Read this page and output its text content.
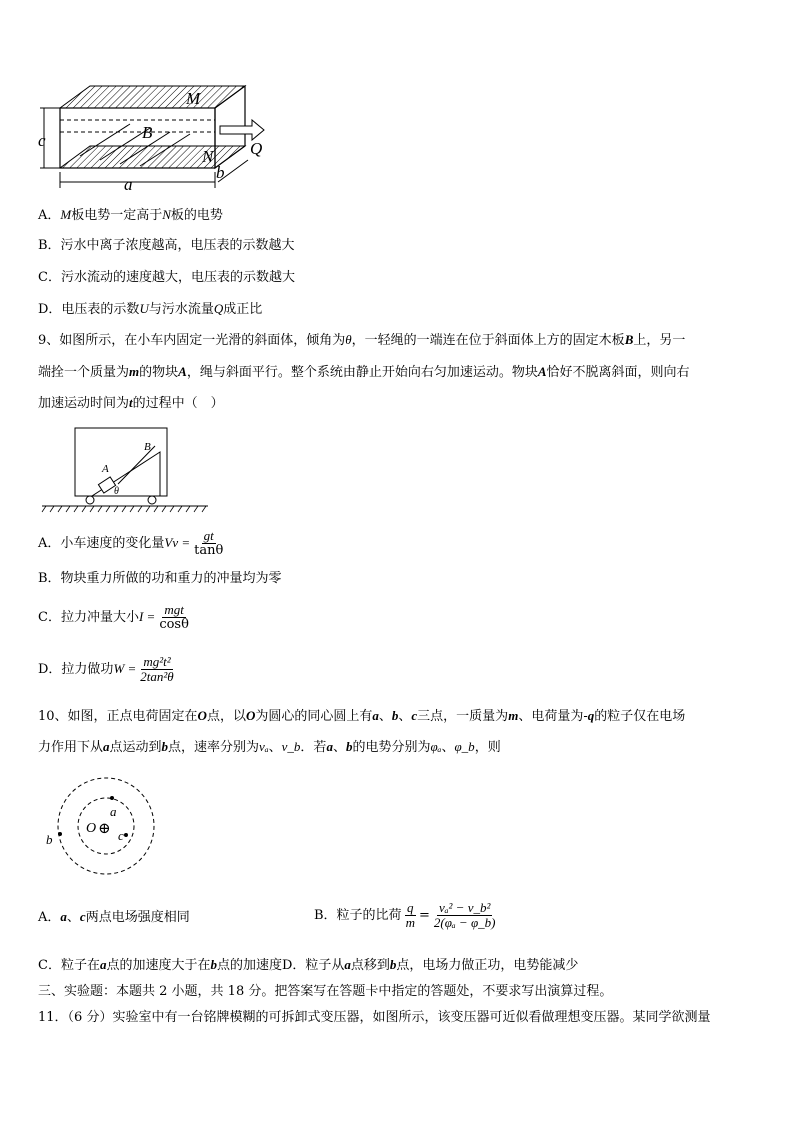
M
B
N Q
c
a
b
A．M板电势一定高于N板的电势
B．污水中离子浓度越高，电压表的示数越大
C．污水流动的速度越大，电压表的示数越大
D．电压表的示数U与污水流量Q成正比
9、如图所示，在小车内固定一光滑的斜面体，倾角为θ，一轻绳的一端连在位于斜面体上方的固定木板B上，另一
端拴一个质量为m的物块A，绳与斜面平行。整个系统由静止开始向右匀加速运动。物块A恰好不脱离斜面，则向右
加速运动时间为t的过程中（　）
A
B
θ
A．小车速度的变化量$Vv = \frac{gt}{\tan\theta}$
B．物块重力所做的功和重力的冲量均为零
C．拉力冲量大小$I = \frac{\text{mgt}}{\cos\theta}$
D．拉力做功$W = \frac{\text{mg²t²}}{\text{2tan²θ}}$
10、如图，正点电荷固定在O点，以O为圆心的同心圆上有a、b、c三点，一质量为m、电荷量为-q的粒子仅在电场
力作用下从a点运动到b点，速率分别为vₐ、v_b．若a、b的电势分别为φₐ、φ_b，则
O ⊕
a
c
b
A．a、c两点电场强度相同	B．粒子的比荷 $\frac{q}{m} = \frac{\text{vₐ² − v\_b²}}{\text{2(φₐ − φ\_b)}}$
C．粒子在a点的加速度大于在b点的加速度D．粒子从a点移到b点，电场力做正功，电势能减少
三、实验题：本题共 2 小题，共 18 分。把答案写在答题卡中指定的答题处，不要求写出演算过程。
11．（6 分）实验室中有一台铭牌模糊的可拆卸式变压器，如图所示，该变压器可近似看做理想变压器。某同学欲测量
